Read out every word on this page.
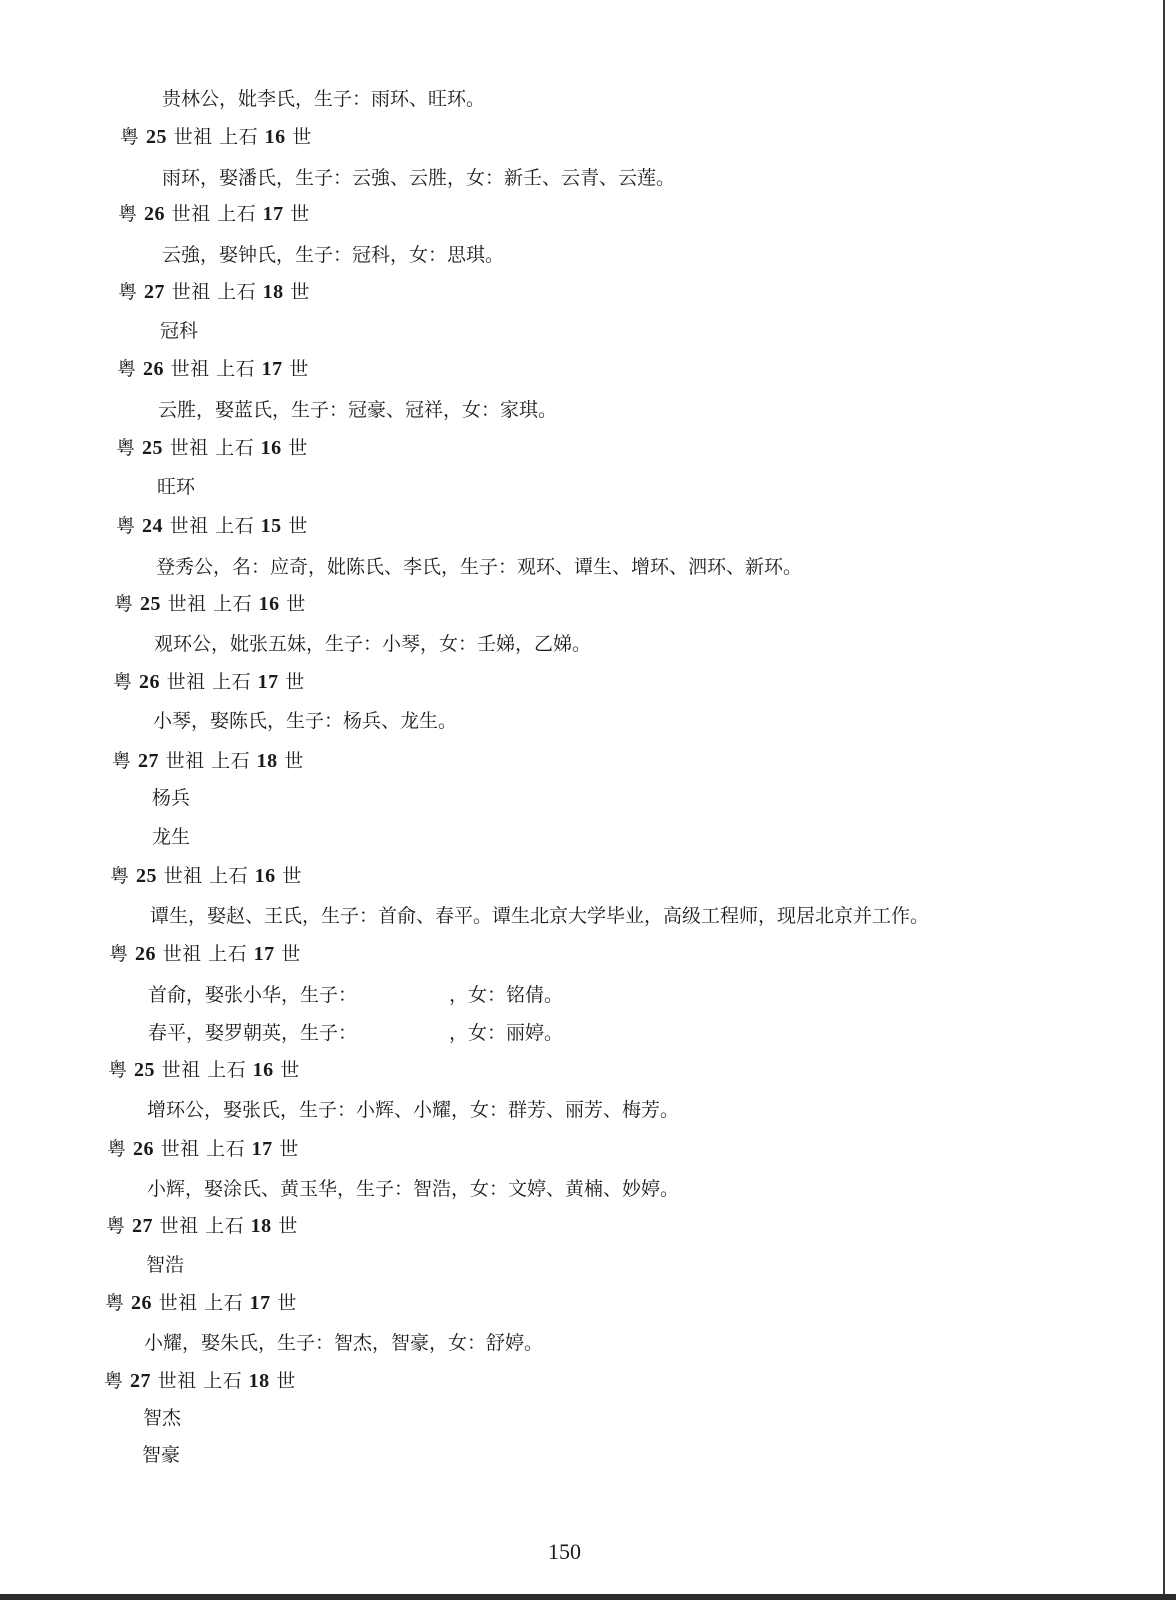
贵林公，妣李氏，生子：雨环、旺环。
粤 25 世祖 上石 16 世
雨环，娶潘氏，生子：云強、云胜，女：新壬、云青、云莲。
粤 26 世祖 上石 17 世
云強，娶钟氏，生子：冠科，女：思琪。
粤 27 世祖 上石 18 世
冠科
粤 26 世祖 上石 17 世
云胜，娶蓝氏，生子：冠豪、冠祥，女：家琪。
粤 25 世祖 上石 16 世
旺环
粤 24 世祖 上石 15 世
登秀公，名：应奇，妣陈氏、李氏，生子：观环、谭生、增环、泗环、新环。
粤 25 世祖 上石 16 世
观环公，妣张五妹，生子：小琴，女：壬娣，乙娣。
粤 26 世祖 上石 17 世
小琴，娶陈氏，生子：杨兵、龙生。
粤 27 世祖 上石 18 世
杨兵
龙生
粤 25 世祖 上石 16 世
谭生，娶赵、王氏，生子：首俞、春平。谭生北京大学毕业，高级工程师，现居北京并工作。
粤 26 世祖 上石 17 世
首俞，娶张小华，生子：	，女：铭倩。
春平，娶罗朝英，生子：	，女：丽婷。
粤 25 世祖 上石 16 世
增环公，娶张氏，生子：小辉、小耀，女：群芳、丽芳、梅芳。
粤 26 世祖 上石 17 世
小辉，娶涂氏、黄玉华，生子：智浩，女：文婷、黄楠、妙婷。
粤 27 世祖 上石 18 世
智浩
粤 26 世祖 上石 17 世
小耀，娶朱氏，生子：智杰，智豪，女：舒婷。
粤 27 世祖 上石 18 世
智杰
智豪
150
